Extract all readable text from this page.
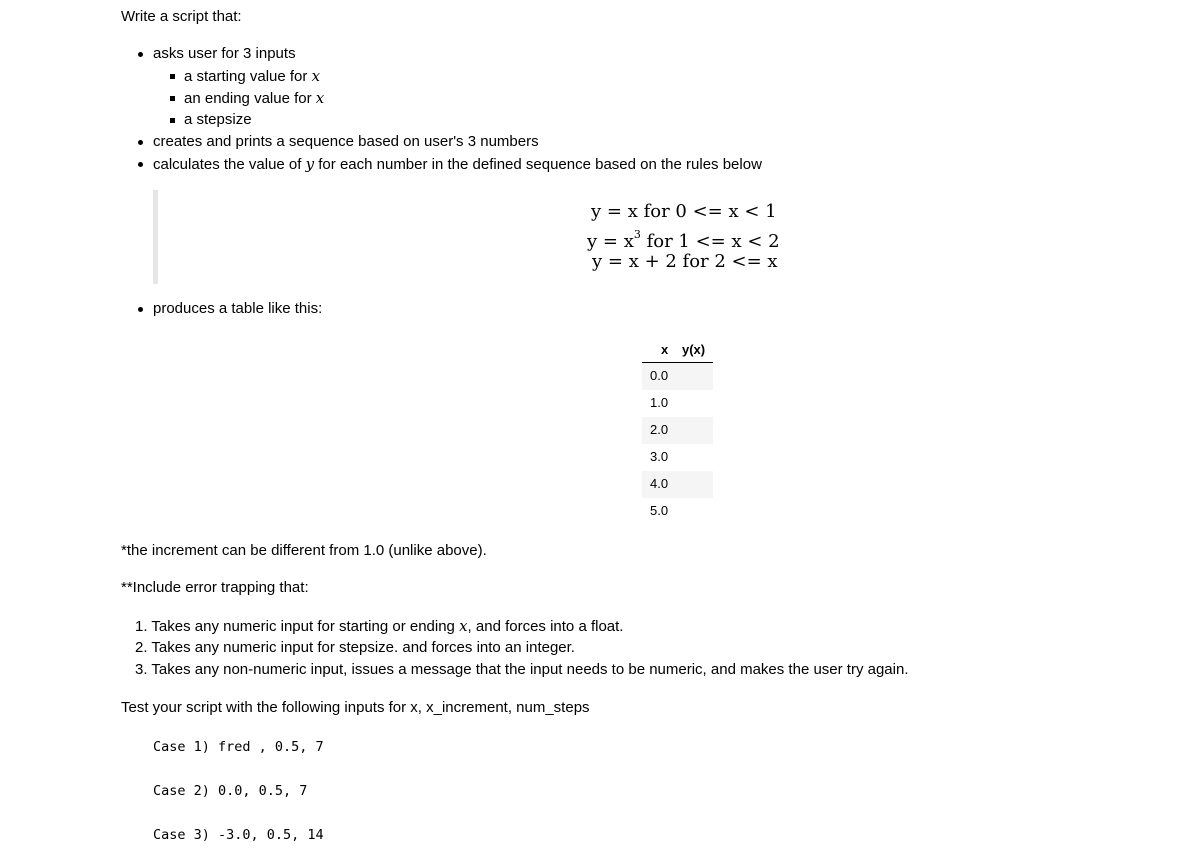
Write a script that:
asks user for 3 inputs
a starting value for x
an ending value for x
a stepsize
creates and prints a sequence based on user's 3 numbers
calculates the value of y for each number in the defined sequence based on the rules below
y = x for 0 <= x < 1
$y = x^3$ for 1 <= x < 2
y = x + 2 for 2 <= x
produces a table like this:
x y(x)
0.0
1.0
2.0
3.0
4.0
5.0
*the increment can be different from 1.0 (unlike above).
**Include error trapping that:
1. Takes any numeric input for starting or ending x, and forces into a float.
2. Takes any numeric input for stepsize. and forces into an integer.
3. Takes any non-numeric input, issues a message that the input needs to be numeric, and makes the user try again.
Test your script with the following inputs for x, x_increment, num_steps
Case 1) fred , 0.5, 7
Case 2) 0.0, 0.5, 7
Case 3) -3.0, 0.5, 14
